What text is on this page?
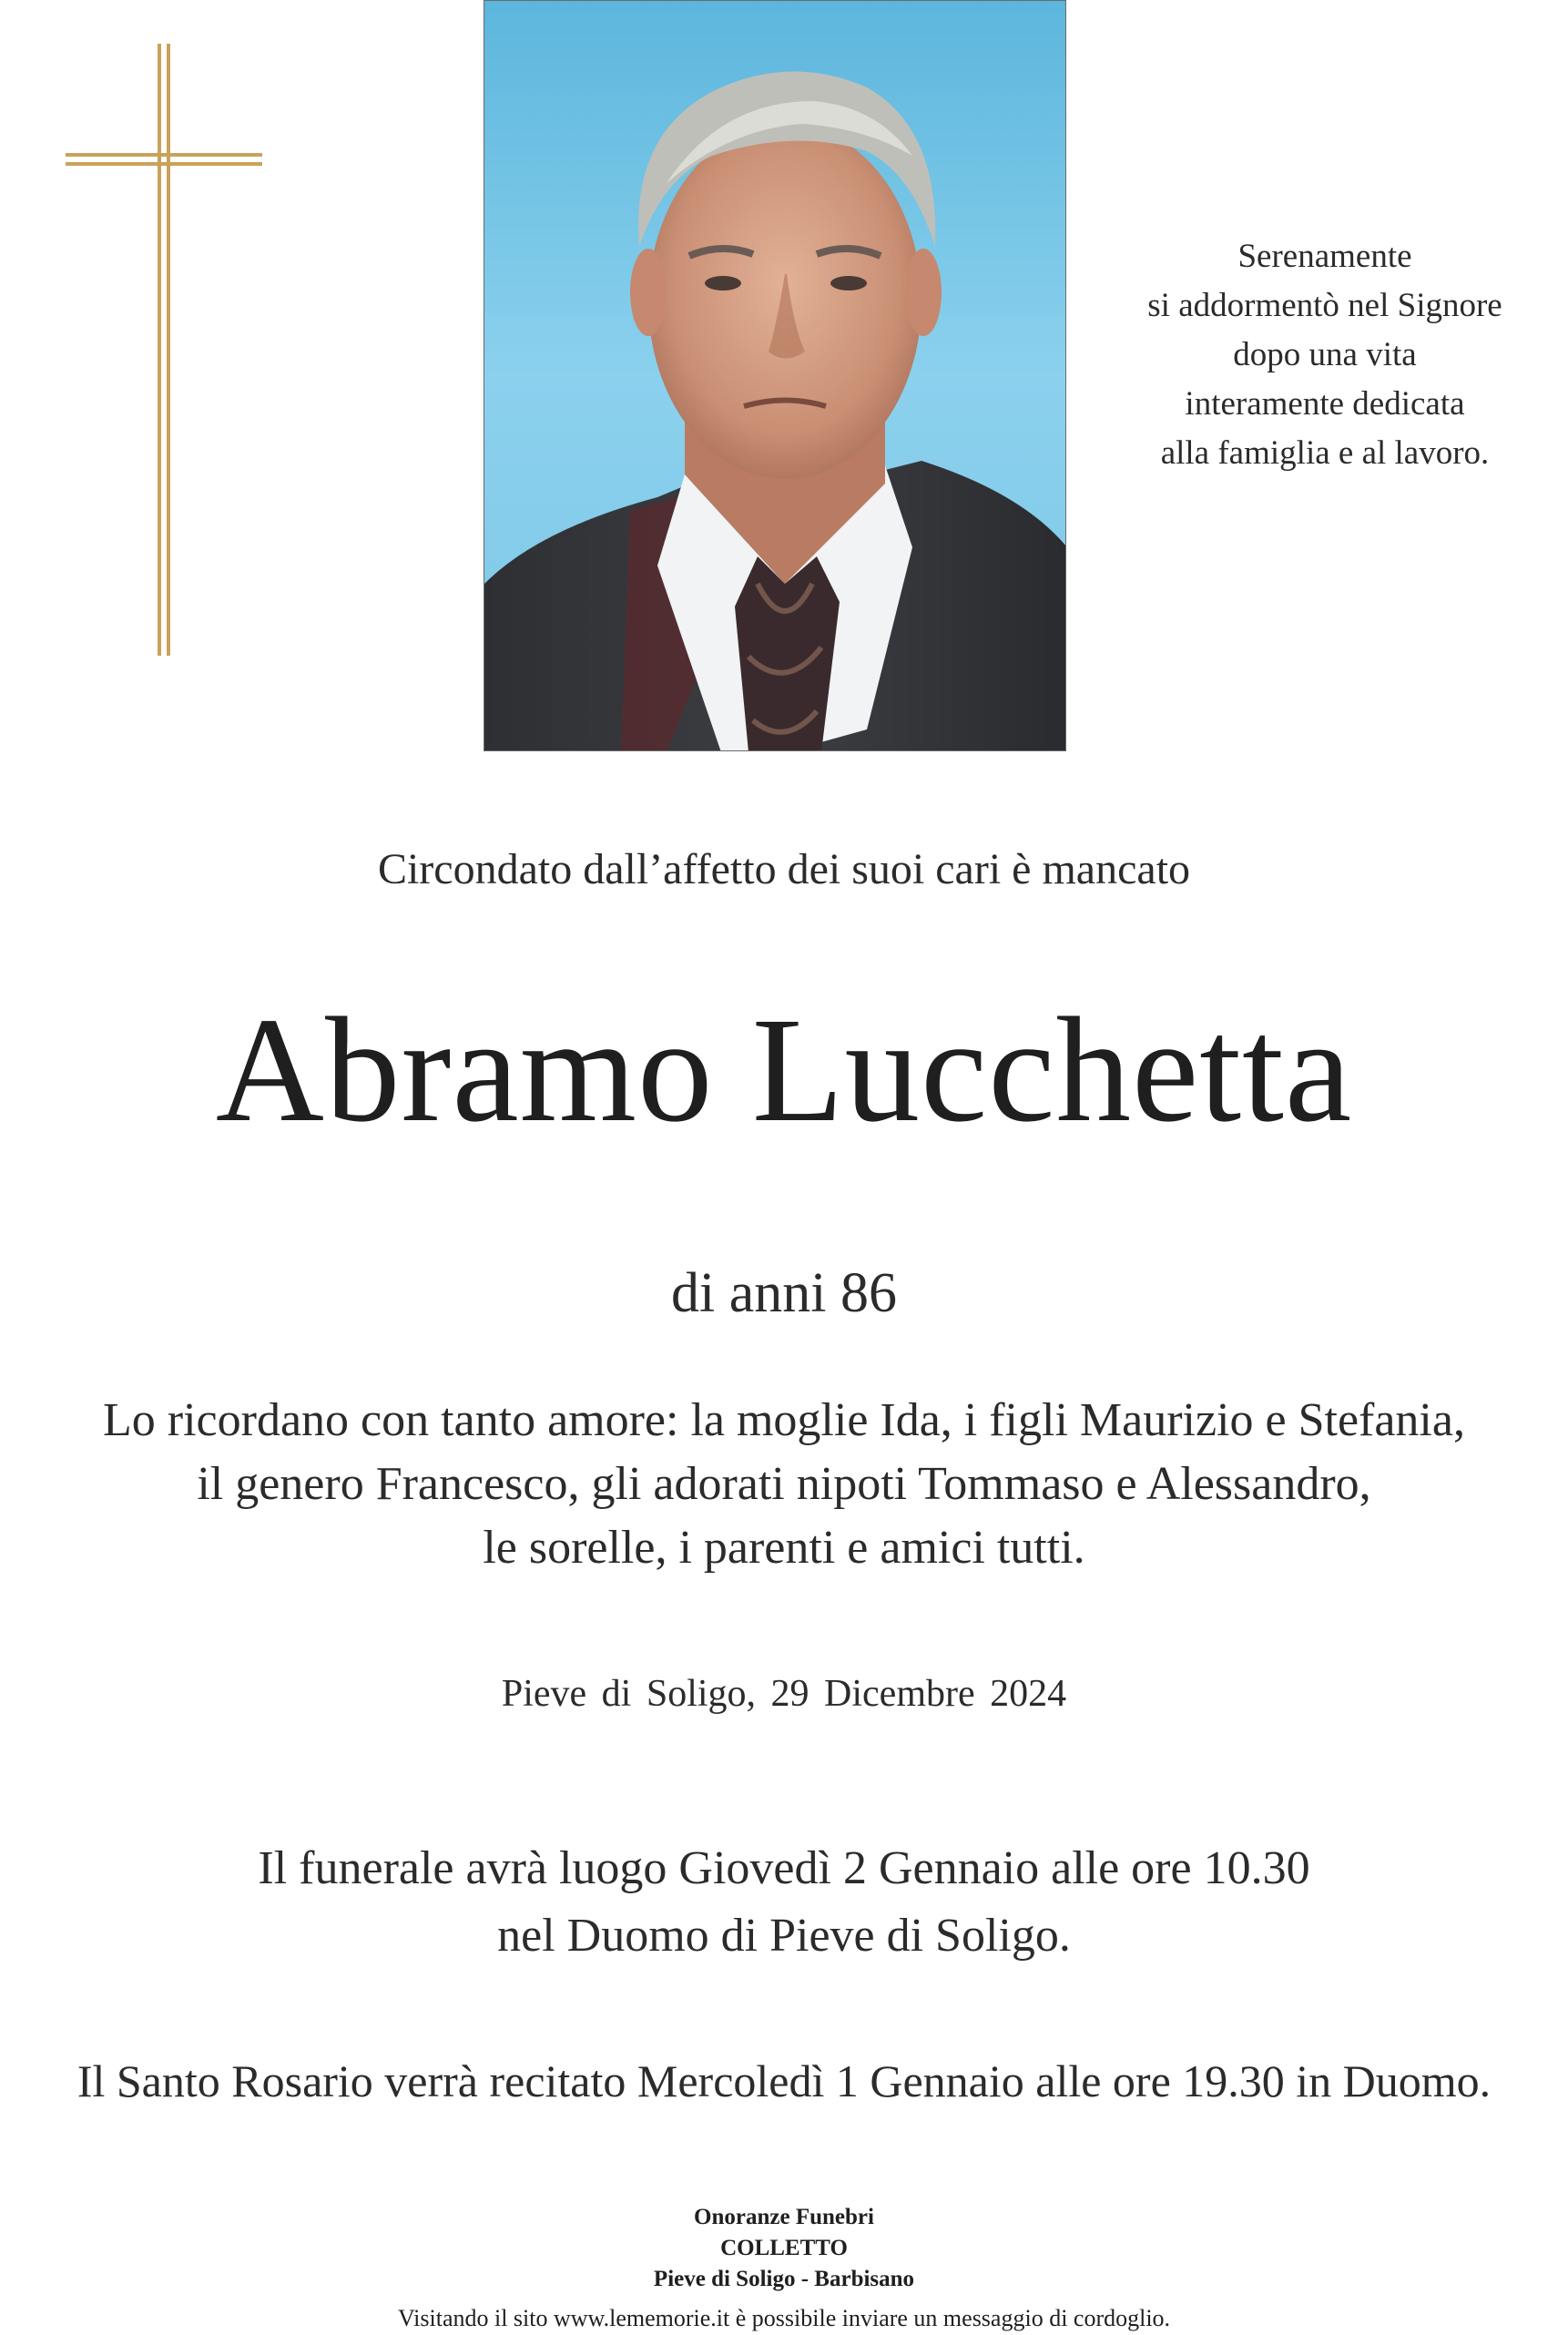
Serenamente
si addormentò nel Signore
dopo una vita
interamente dedicata
alla famiglia e al lavoro.
Circondato dall’affetto dei suoi cari è mancato
Abramo Lucchetta
di anni 86
Lo ricordano con tanto amore: la moglie Ida, i figli Maurizio e Stefania,
il genero Francesco, gli adorati nipoti Tommaso e Alessandro,
le sorelle, i parenti e amici tutti.
Pieve di Soligo, 29 Dicembre 2024
Il funerale avrà luogo Giovedì 2 Gennaio alle ore 10.30
nel Duomo di Pieve di Soligo.
Il Santo Rosario verrà recitato Mercoledì 1 Gennaio alle ore 19.30 in Duomo.
Onoranze Funebri
COLLETTO
Pieve di Soligo - Barbisano
Visitando il sito www.lememorie.it è possibile inviare un messaggio di cordoglio.
